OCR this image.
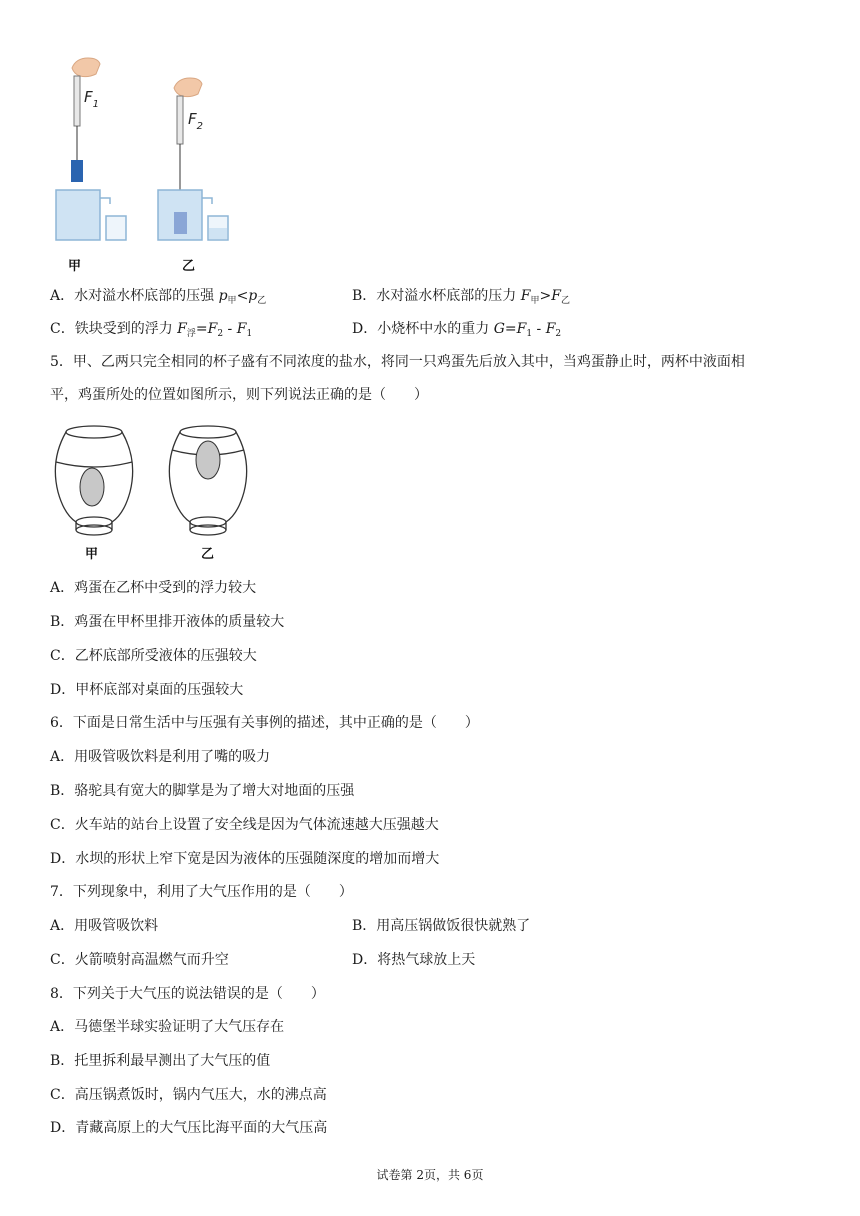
$F_1$
甲
$F_2$
乙
A．水对溢水杯底部的压强 $p_甲<p_乙$	B．水对溢水杯底部的压力 $F_甲>F_乙$
C．铁块受到的浮力 $F_浮=F_2 - F_1$	D．小烧杯中水的重力 $G=F_1 - F_2$
5．甲、乙两只完全相同的杯子盛有不同浓度的盐水，将同一只鸡蛋先后放入其中，当鸡蛋静止时，两杯中液面相
平，鸡蛋所处的位置如图所示，则下列说法正确的是（　　）
甲	乙
A．鸡蛋在乙杯中受到的浮力较大
B．鸡蛋在甲杯里排开液体的质量较大
C．乙杯底部所受液体的压强较大
D．甲杯底部对桌面的压强较大
6．下面是日常生活中与压强有关事例的描述，其中正确的是（　　）
A．用吸管吸饮料是利用了嘴的吸力
B．骆驼具有宽大的脚掌是为了增大对地面的压强
C．火车站的站台上设置了安全线是因为气体流速越大压强越大
D．水坝的形状上窄下宽是因为液体的压强随深度的增加而增大
7．下列现象中，利用了大气压作用的是（　　）
A．用吸管吸饮料	B．用高压锅做饭很快就熟了
C．火箭喷射高温燃气而升空	D．将热气球放上天
8．下列关于大气压的说法错误的是（　　）
A．马德堡半球实验证明了大气压存在
B．托里拆利最早测出了大气压的值
C．高压锅煮饭时，锅内气压大，水的沸点高
D．青藏高原上的大气压比海平面的大气压高
试卷第 2页，共 6页
